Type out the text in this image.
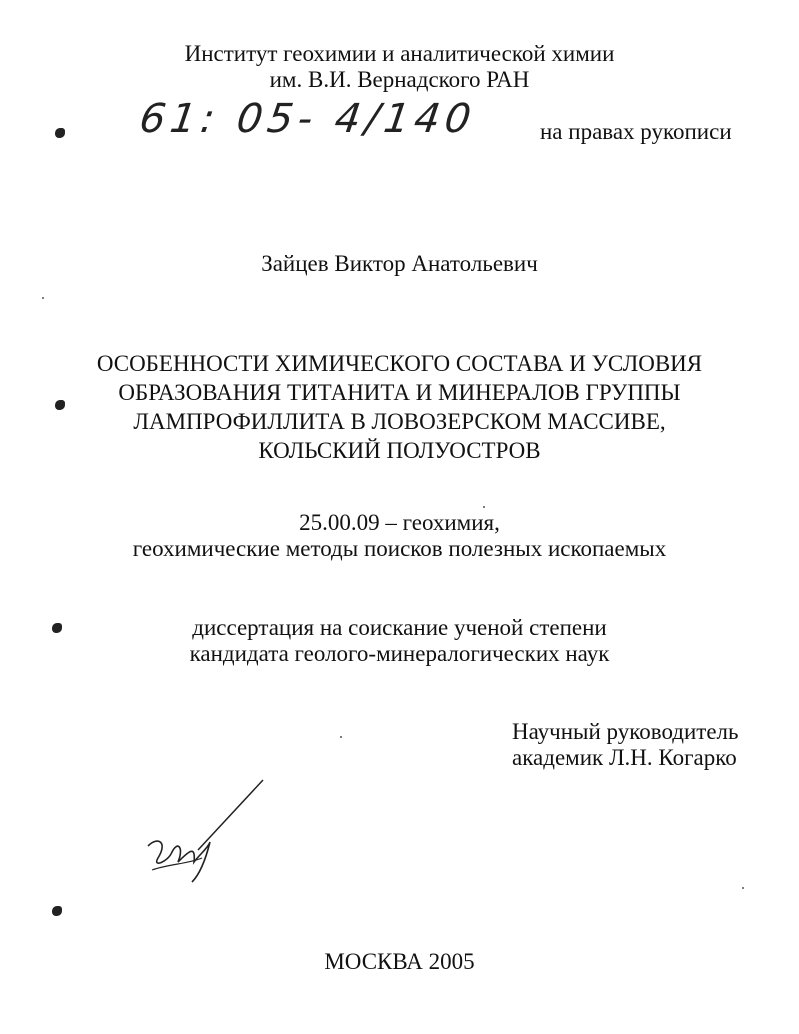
Институт геохимии и аналитической химии
им. В.И. Вернадского РАН
61: 05- 4/140	на правах рукописи
Зайцев Виктор Анатольевич
ОСОБЕННОСТИ ХИМИЧЕСКОГО СОСТАВА И УСЛОВИЯ
ОБРАЗОВАНИЯ ТИТАНИТА И МИНЕРАЛОВ ГРУППЫ
ЛАМПРОФИЛЛИТА В ЛОВОЗЕРСКОМ МАССИВЕ,
КОЛЬСКИЙ ПОЛУОСТРОВ
25.00.09 – геохимия,
геохимические методы поисков полезных ископаемых
диссертация на соискание ученой степени
кандидата геолого-минералогических наук
Научный руководитель
академик Л.Н. Когарко
МОСКВА 2005
